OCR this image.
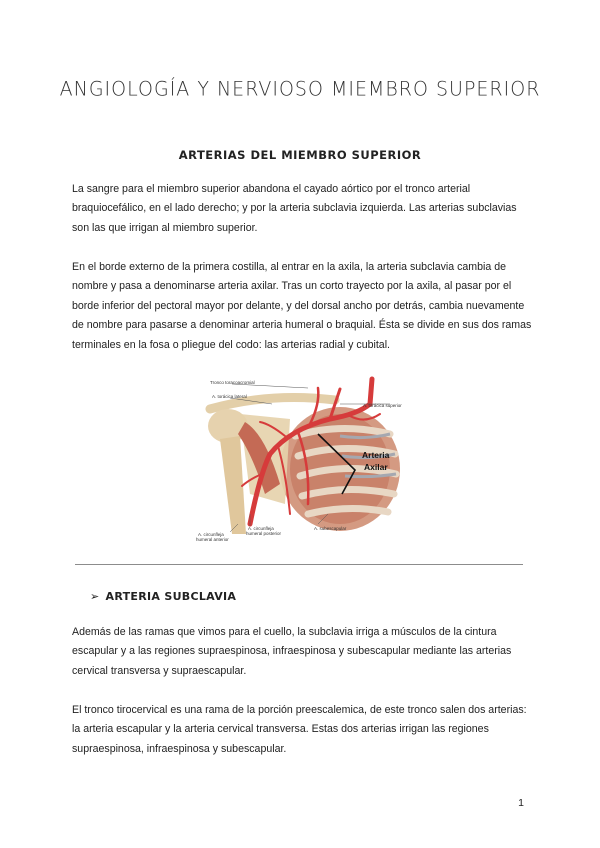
ANGIOLOGÍA Y NERVIOSO MIEMBRO SUPERIOR
ARTERIAS DEL MIEMBRO SUPERIOR

La sangre para el miembro superior abandona el cayado aórtico por el tronco arterial braquiocefálico, en el lado derecho; y por la arteria subclavia izquierda. Las arterias subclavias son las que irrigan al miembro superior.

En el borde externo de la primera costilla, al entrar en la axila, la arteria subclavia cambia de nombre y pasa a denominarse arteria axilar. Tras un corto trayecto por la axila, al pasar por el borde inferior del pectoral mayor por delante, y del dorsal ancho por detrás, cambia nuevamente de nombre para pasarse a denominar arteria humeral o braquial. Ésta se divide en sus dos ramas terminales en la fosa o pliegue del codo: las arterias radial y cubital.

Tronco toracoacromial
A. torácica lateral
A. torácica superior
A. circunfleja
humeral posterior
A. circunfleja
humeral anterior
A. subescapular
Arteria
Axilar
➢ ARTERIA SUBCLAVIA

Además de las ramas que vimos para el cuello, la subclavia irriga a músculos de la cintura escapular y a las regiones supraespinosa, infraespinosa y subescapular mediante las arterias cervical transversa y supraescapular.

El tronco tirocervical es una rama de la porción preescalemica, de este tronco salen dos arterias: la arteria escapular y la arteria cervical transversa. Estas dos arterias irrigan las regiones supraespinosa, infraespinosa y subescapular.

1
